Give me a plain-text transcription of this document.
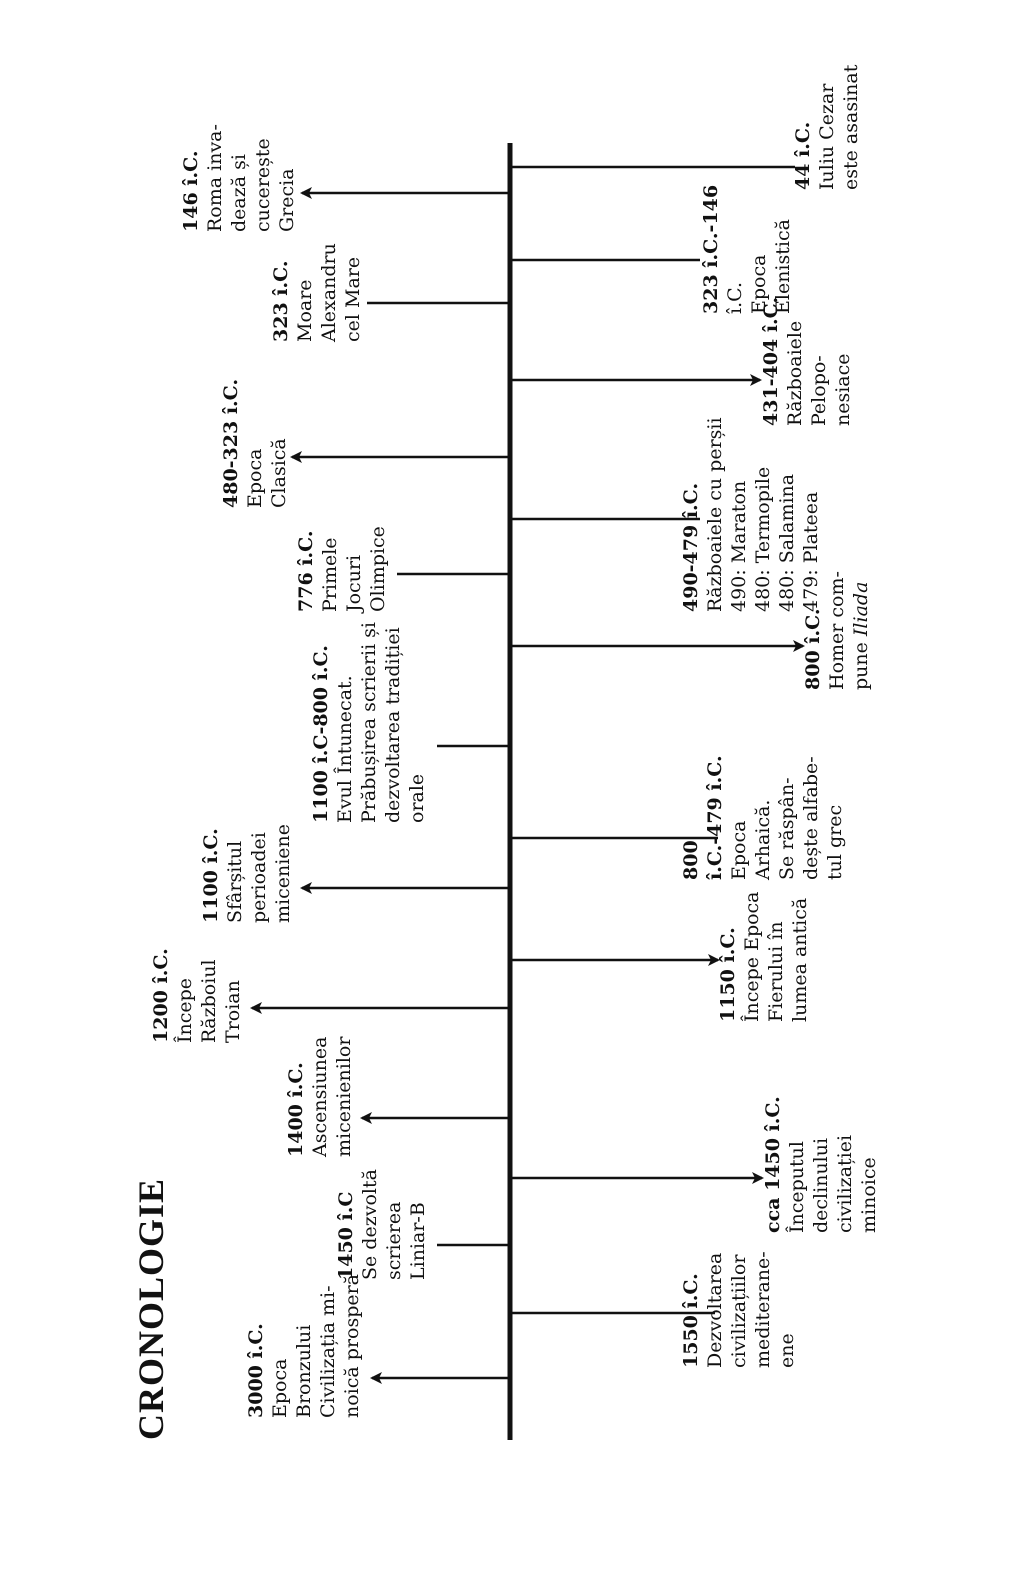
CRONOLOGIE	3000 î.C. Epoca Bronzului Civilizația mi- noică prosperă	1550 î.C. Dezvoltarea civilizațiilor mediterane- ene
1450 î.C Se dezvoltă scrierea Liniar-B
cca 1450 î.C. Începutul declinului civilizației minoice
1400 î.C. Ascensiunea micenienilor
1200 î.C. Începe Războiul Troian	1150 î.C. Începe Epoca Fierului în lumea antică
1100 î.C. Sfârșitul perioadei miceniene	800 î.C.-479 î.C. Epoca Arhaică. Se răspân- dește alfabe- tul grec
1100 î.C-800 î.C. Evul Întunecat. Prăbușirea scrierii și dezvoltarea tradiției orale
800 î.C. Homer com- pune Iliada
776 î.C. Primele Jocuri Olimpice	490-479 î.C. Războaiele cu perșii 490: Maraton 480: Termopile 480: Salamina 479: Plateea
480-323 î.C. Epoca Clasică
431-404 î.C. Războaiele Pelopo- nesiace
323 î.C. Moare Alexandru cel Mare	323 î.C.-146 î.C. Epoca Elenistică
146 î.C. Roma inva- dează și cucerește Grecia
44 î.C. Iuliu Cezar este asasinat
